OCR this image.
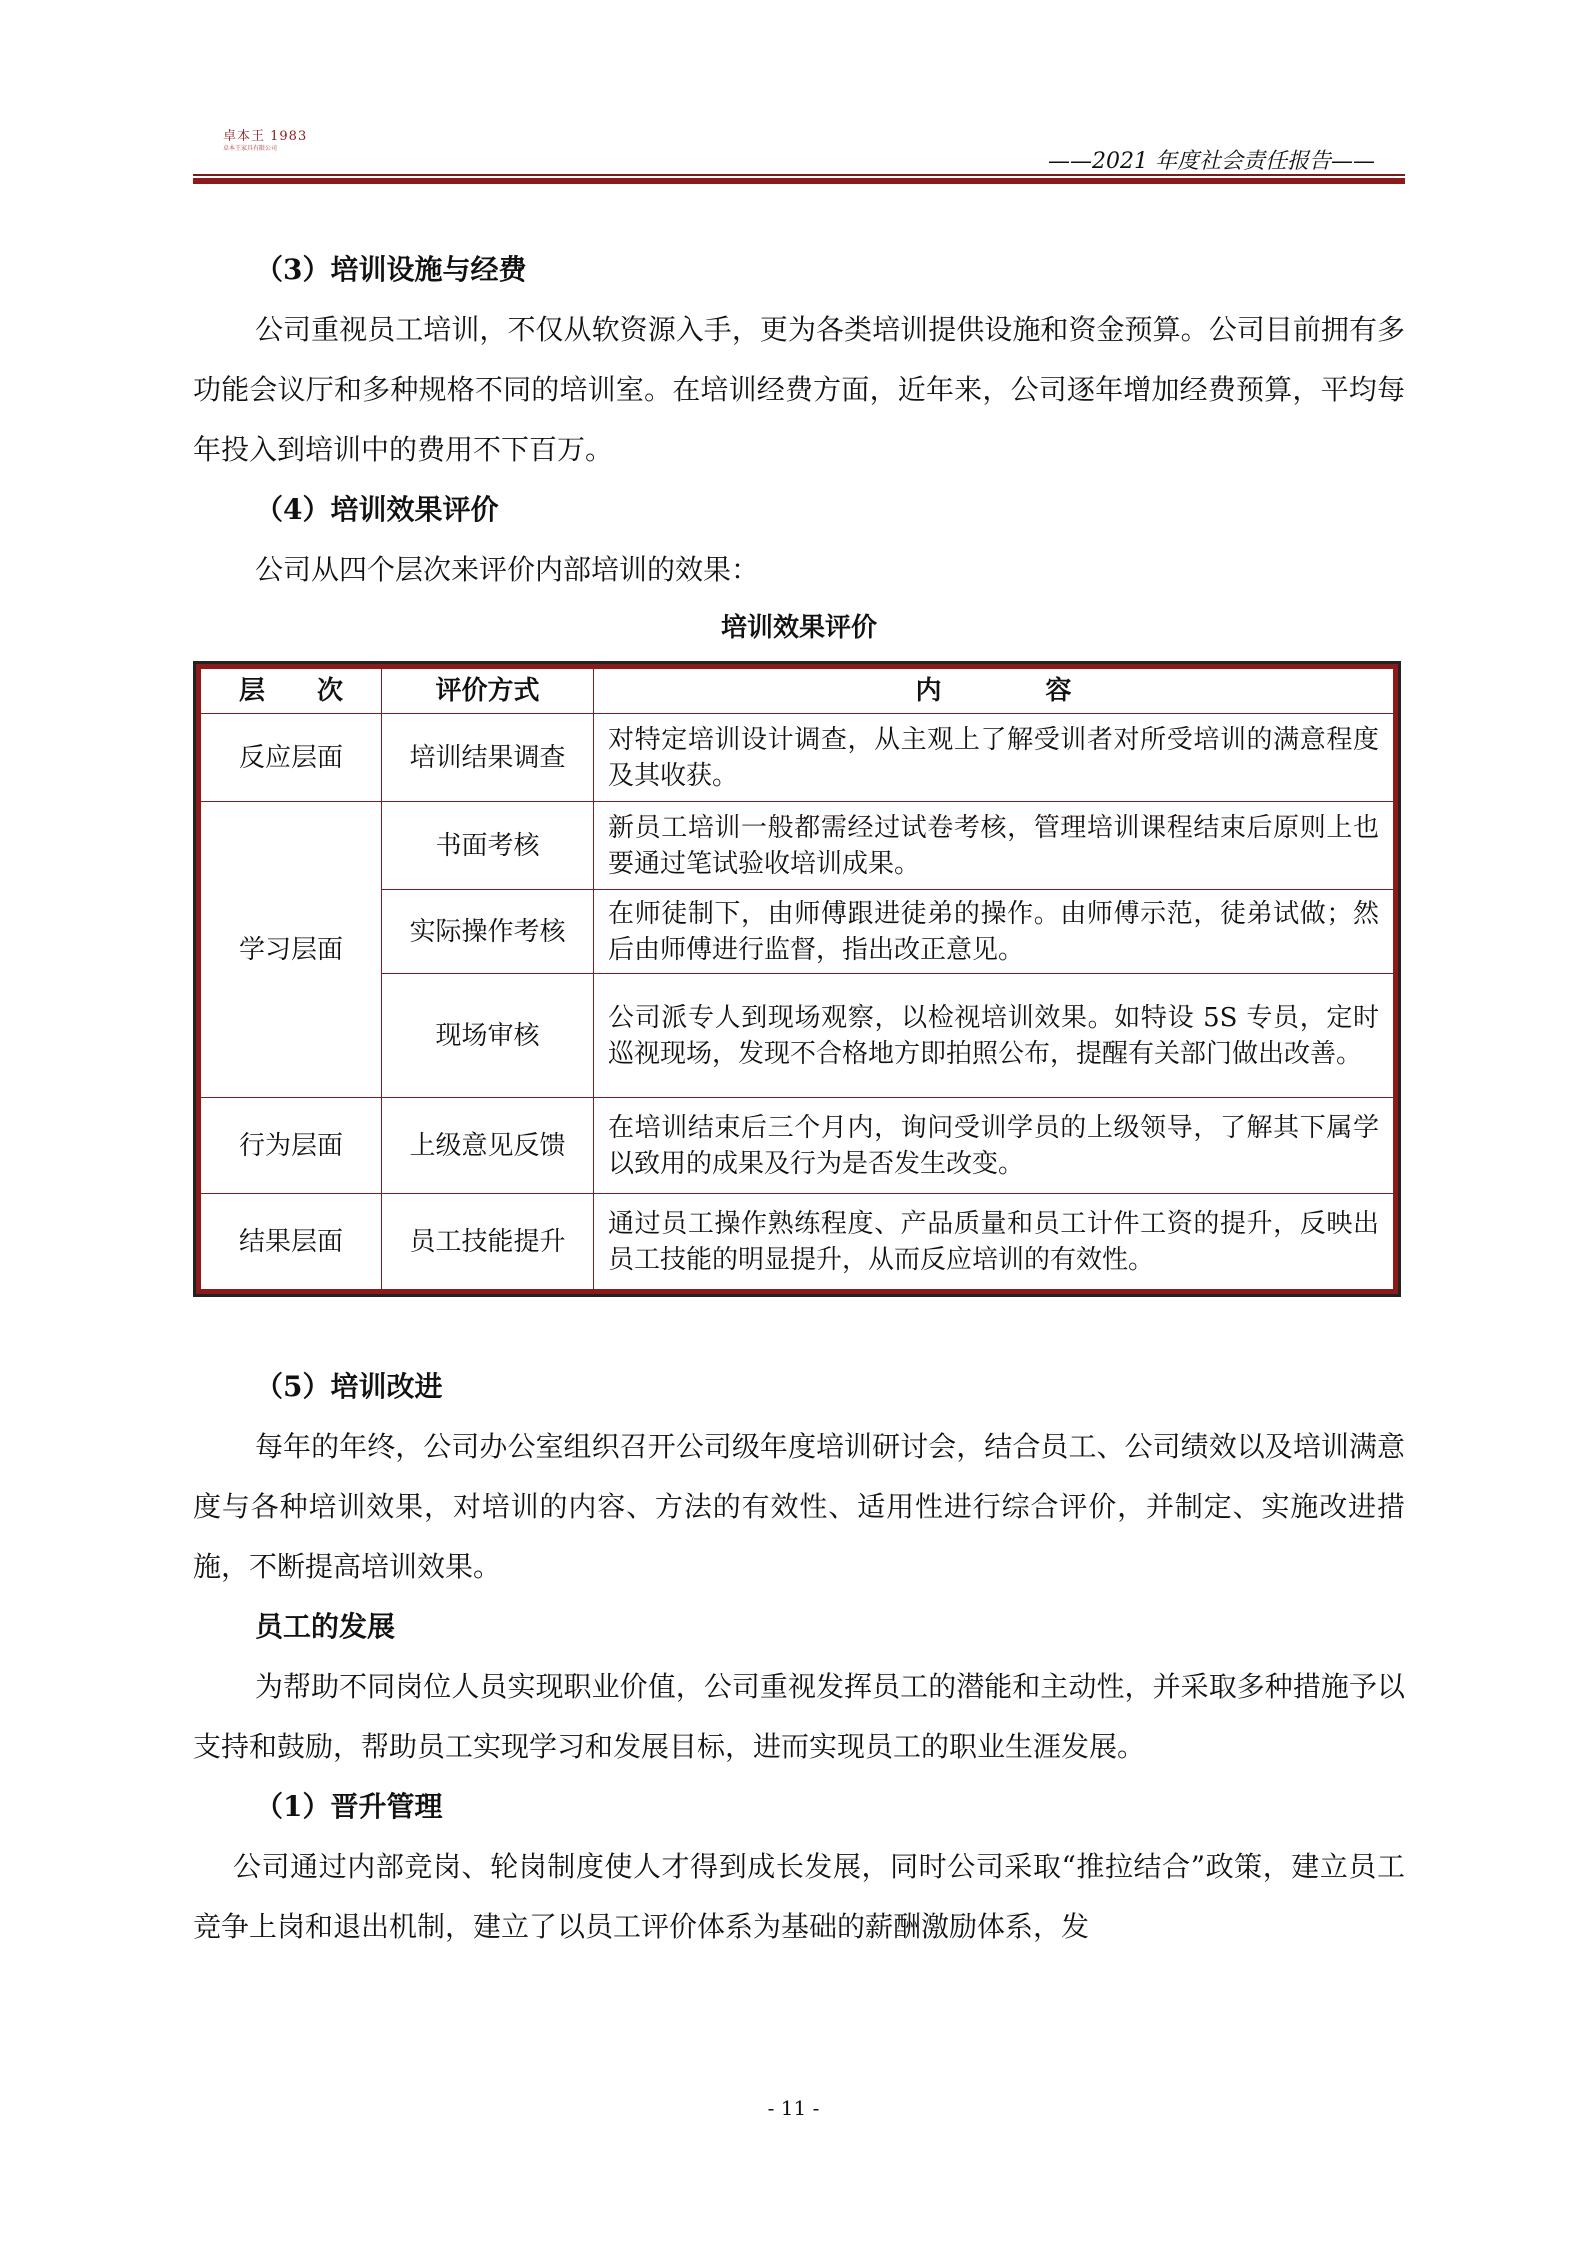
卓本王 1983
卓本王家具有限公司
——2021 年度社会责任报告——

（3）培训设施与经费

公司重视员工培训，不仅从软资源入手，更为各类培训提供设施和资金预算。公司目前拥有多功能会议厅和多种规格不同的培训室。在培训经费方面，近年来，公司逐年增加经费预算，平均每年投入到培训中的费用不下百万。

（4）培训效果评价

公司从四个层次来评价内部培训的效果：

培训效果评价
层　　次	评价方式	内　　　　容
反应层面	培训结果调查	对特定培训设计调查，从主观上了解受训者对所受培训的满意程度及其收获。
学习层面	书面考核	新员工培训一般都需经过试卷考核，管理培训课程结束后原则上也要通过笔试验收培训成果。
	实际操作考核	在师徒制下，由师傅跟进徒弟的操作。由师傅示范，徒弟试做；然后由师傅进行监督，指出改正意见。
	现场审核	公司派专人到现场观察，以检视培训效果。如特设 5S 专员，定时巡视现场，发现不合格地方即拍照公布，提醒有关部门做出改善。
行为层面	上级意见反馈	在培训结束后三个月内，询问受训学员的上级领导，了解其下属学以致用的成果及行为是否发生改变。
结果层面	员工技能提升	通过员工操作熟练程度、产品质量和员工计件工资的提升，反映出员工技能的明显提升，从而反应培训的有效性。

（5）培训改进

每年的年终，公司办公室组织召开公司级年度培训研讨会，结合员工、公司绩效以及培训满意度与各种培训效果，对培训的内容、方法的有效性、适用性进行综合评价，并制定、实施改进措施，不断提高培训效果。

员工的发展

为帮助不同岗位人员实现职业价值，公司重视发挥员工的潜能和主动性，并采取多种措施予以支持和鼓励，帮助员工实现学习和发展目标，进而实现员工的职业生涯发展。

（1）晋升管理

公司通过内部竞岗、轮岗制度使人才得到成长发展，同时公司采取“推拉结合”政策，建立员工竞争上岗和退出机制，建立了以员工评价体系为基础的薪酬激励体系，发

- 11 -
